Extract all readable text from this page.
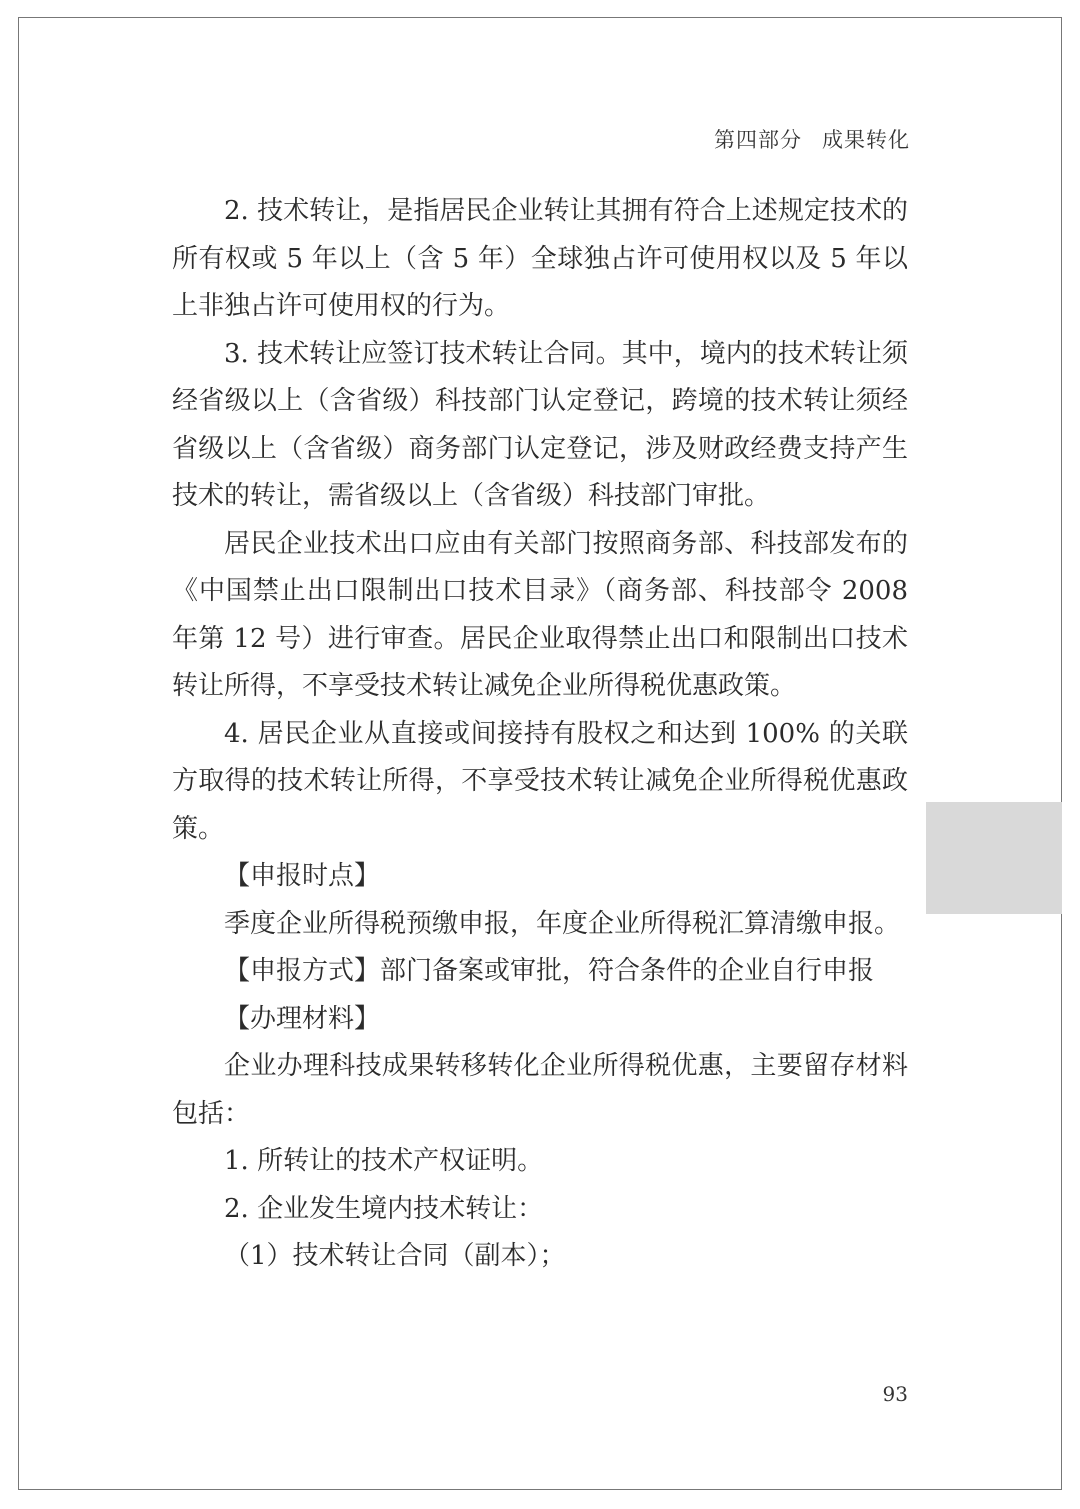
第四部分 成果转化

2. 技术转让，是指居民企业转让其拥有符合上述规定技术的所有权或 5 年以上（含 5 年）全球独占许可使用权以及 5 年以上非独占许可使用权的行为。

3. 技术转让应签订技术转让合同。其中，境内的技术转让须经省级以上（含省级）科技部门认定登记，跨境的技术转让须经省级以上（含省级）商务部门认定登记，涉及财政经费支持产生技术的转让，需省级以上（含省级）科技部门审批。

居民企业技术出口应由有关部门按照商务部、科技部发布的《中国禁止出口限制出口技术目录》（商务部、科技部令 2008 年第 12 号）进行审查。居民企业取得禁止出口和限制出口技术转让所得，不享受技术转让减免企业所得税优惠政策。

4. 居民企业从直接或间接持有股权之和达到 100% 的关联方取得的技术转让所得，不享受技术转让减免企业所得税优惠政策。

【申报时点】

季度企业所得税预缴申报，年度企业所得税汇算清缴申报。

【申报方式】部门备案或审批，符合条件的企业自行申报

【办理材料】

企业办理科技成果转移转化企业所得税优惠，主要留存材料包括：

1. 所转让的技术产权证明。

2. 企业发生境内技术转让：

（1）技术转让合同（副本）；

93
